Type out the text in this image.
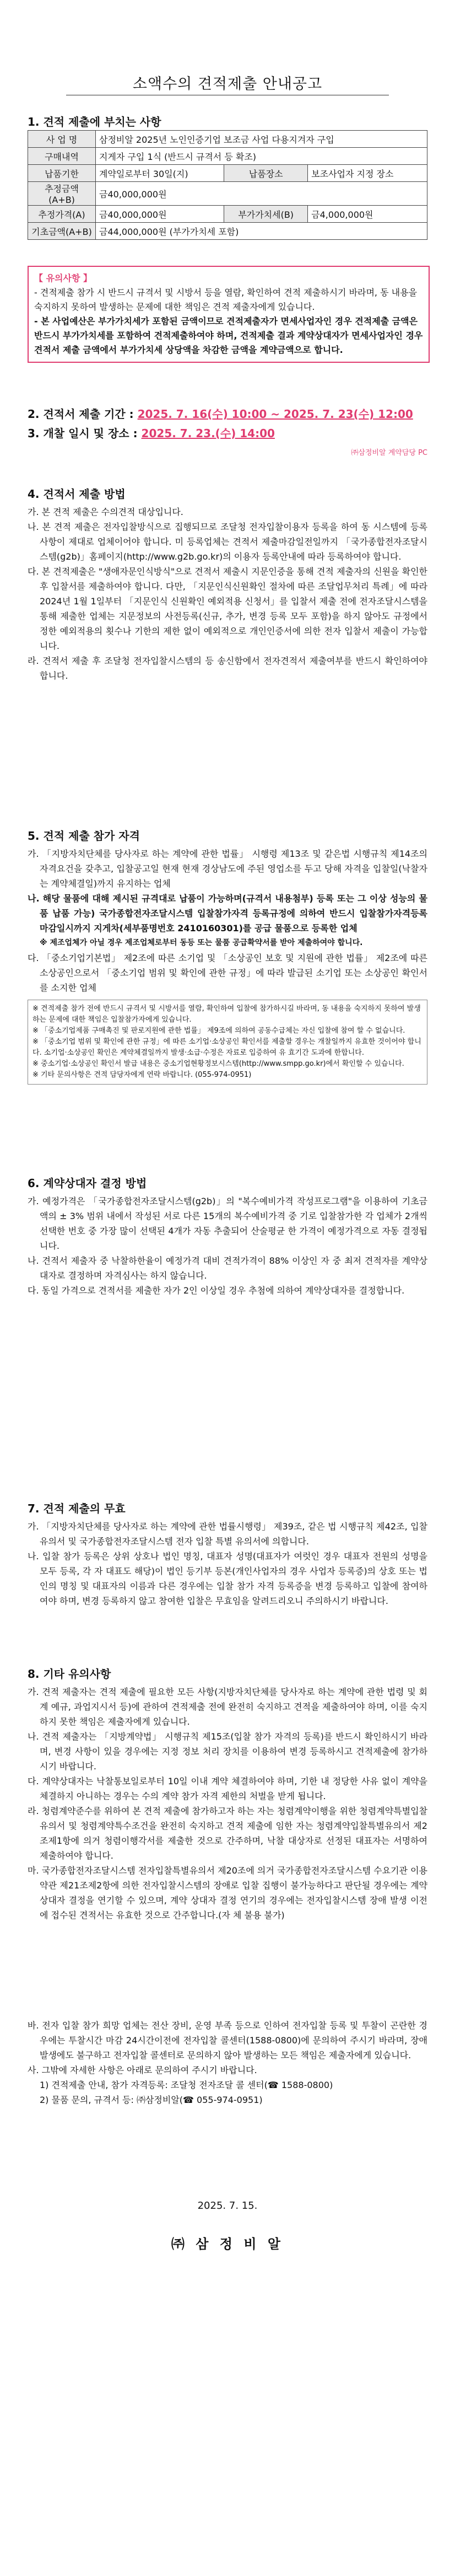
소액수의 견적제출 안내공고
1. 견적 제출에 부치는 사항
사 업 명	삼정비알 2025년 노인인증기업 보조금 사업 다용지겨자 구입		
구매내역	지게자 구입 1식 (반드시 규격서 등 확조)		
납품기한	계약일로부터 30일(지)	납품장소	보조사업자 지정 장소
추정금액 (A+B)	금40,000,000원		
추정가격(A)	금40,000,000원	부가가치세(B)	금4,000,000원
기초금액(A+B)	금44,000,000원 (부가가치세 포함)		
【 유의사항 】
- 견적제출 참가 시 반드시 규격서 및 시방서 등을 열람, 확인하여 견적 제출하시기 바라며, 동 내용을 숙지하지 못하여 발생하는 문제에 대한 책임은 견적 제출자에게 있습니다.
- 본 사업예산은 부가가치세가 포함된 금액이므로 견적제출자가 면세사업자인 경우 견적제출 금액은 반드시 부가가치세를 포함하여 견적제출하여야 하며, 견적제출 결과 계약상대자가 면세사업자인 경우 견적서 제출 금액에서 부가가치세 상당액을 차감한 금액을 계약금액으로 합니다.
2. 견적서 제출 기간 : 2025. 7. 16(수) 10:00 ~ 2025. 7. 23(수) 12:00
3. 개찰 일시 및 장소 : 2025. 7. 23.(수) 14:00
㈜삼정비알 계약담당 PC
4. 견적서 제출 방법

가. 본 견적 제출은 수의견적 대상입니다.

나. 본 견적 제출은 전자입찰방식으로 집행되므로 조달청 전자입찰이용자 등록을 하여 동 시스템에 등록사항이 제대로 업체이어야 합니다. 미 등록업체는 견적서 제출마감일전일까지 「국가종합전자조달시스템(g2b)」홈페이지(http://www.g2b.go.kr)의 이용자 등록안내에 따라 등록하여야 합니다.

다. 본 견적제출은 "생애자문인식방식"으로 견적서 제출시 지문인증을 통해 견적 제출자의 신원을 확인한 후 입찰서를 제출하여야 합니다. 다만, 「지문인식신원확인 절차에 따른 조달업무처리 특례」에 따라 2024년 1월 1일부터 「지문인식 신원확인 예외적용 신청서」를 입찰서 제출 전에 전자조달시스템을 통해 제출한 업체는 지문정보의 사전등록(신규, 추가, 변경 등록 모두 포함)을 하지 않아도 규정에서 정한 예외적용의 횟수나 기한의 제한 없이 예외적으로 개인인증서에 의한 전자 입찰서 제출이 가능합니다.

라. 견적서 제출 후 조달청 전자입찰시스템의 등 송신함에서 전자견적서 제출여부를 반드시 확인하여야 합니다.

5. 견적 제출 참가 자격

가. 「지방자치단체를 당사자로 하는 계약에 관한 법률」 시행령 제13조 및 같은법 시행규칙 제14조의 자격요건을 갖추고, 입찰공고일 현재 현재 경상남도에 주된 영업소를 두고 당해 자격을 입찰일(낙찰자는 계약체결일)까지 유지하는 업체

나. 해당 물품에 대해 제시된 규격대로 납품이 가능하며(규격서 내용첨부) 등록 또는 그 이상 성능의 물품 납품 가능) 국가종합전자조달시스템 입찰참가자격 등록규정에 의하여 반드시 입찰참가자격등록 마감일시까지 지게차(세부품명번호 2410160301)를 공급 물품으로 등록한 업체

※ 제조업체가 아닐 경우 제조업체로부터 동등 또는 물품 공급확약서를 받아 제출하여야 합니다.

다. 「중소기업기본법」 제2조에 따른 소기업 및 「소상공인 보호 및 지원에 관한 법률」 제2조에 따른 소상공인으로서 「중소기업 범위 및 확인에 관한 규정」에 따라 발급된 소기업 또는 소상공인 확인서를 소지한 업체

※ 견적제출 참가 전에 반드시 규격서 및 시방서를 열람, 확인하여 입찰에 참가하시길 바라며, 동 내용을 숙지하지 못하여 발생하는 문제에 대한 책임은 입찰참가자에게 있습니다.
※ 「중소기업제품 구매촉진 및 판로지원에 관한 법률」 제9조에 의하여 공동수급체는 자신 입찰에 참여 할 수 없습니다.
※ 「중소기업 범위 및 확인에 관한 규정」에 따른 소기업·소상공인 확인서를 제출할 경우는 개찰일까지 유효한 것이어야 합니다. 소기업·소상공인 확인은 계약체결일까지 발생·소급·수정은 자료로 입증하여 유 효기간 도과에 한합니다.
※ 중소기업·소상공인 확인서 발급 내용은 중소기업현황정보시스템(http://www.smpp.go.kr)에서 확인할 수 있습니다.
※ 기타 문의사항은 견적 담당자에게 연락 바랍니다. (055-974-0951)
6. 계약상대자 결정 방법

가. 예정가격은 「국가종합전자조달시스템(g2b)」의 "복수예비가격 작성프로그램"을 이용하여 기초금액의 ± 3% 범위 내에서 작성된 서로 다른 15개의 복수예비가격 중 기로 입찰참가한 각 업체가 2개씩 선택한 번호 중 가장 많이 선택된 4개가 자동 추출되어 산술평균 한 가격이 예정가격으로 자동 결정됩니다.

나. 견적서 제출자 중 낙찰하한율이 예정가격 대비 견적가격이 88% 이상인 자 중 최저 견적자를 계약상대자로 결정하며 자격심사는 하지 않습니다.

다. 동일 가격으로 견적서를 제출한 자가 2인 이상일 경우 추첨에 의하여 계약상대자를 결정합니다.

7. 견적 제출의 무효

가. 「지방자치단체를 당사자로 하는 계약에 관한 법률시행령」 제39조, 같은 법 시행규칙 제42조, 입찰유의서 및 국가종합전자조달시스템 전자 입찰 특별 유의서에 의합니다.

나. 입찰 참가 등록은 상위 상호나 법인 명칭, 대표자 성명(대표자가 여럿인 경우 대표자 전원의 성명을 모두 등록, 각 자 대표도 해당)이 법인 등기부 등본(개인사업자의 경우 사업자 등록증)의 상호 또는 법인의 명칭 및 대표자의 이름과 다른 경우에는 입찰 참가 자격 등록증을 변경 등록하고 입찰에 참여하여야 하며, 변경 등록하지 않고 참여한 입찰은 무효임을 알려드리오니 주의하시기 바랍니다.

8. 기타 유의사항

가. 견적 제출자는 견적 제출에 필요한 모든 사항(지방자치단체를 당사자로 하는 계약에 관한 법령 및 회계 예규, 과업지시서 등)에 관하여 견적제출 전에 완전히 숙지하고 견적을 제출하여야 하며, 이를 숙지하지 못한 책임은 제출자에게 있습니다.

나. 견적 제출자는 「지방계약법」 시행규칙 제15조(입찰 참가 자격의 등록)를 반드시 확인하시기 바라며, 변경 사항이 있을 경우에는 지정 정보 처리 장치를 이용하여 변경 등록하시고 견적제출에 참가하시기 바랍니다.

다. 계약상대자는 낙찰통보일로부터 10일 이내 계약 체결하여야 하며, 기한 내 정당한 사유 없이 계약을 체결하지 아니하는 경우는 수의 계약 참가 자격 제한의 처벌을 받게 됩니다.

라. 청렴계약준수를 위하여 본 견적 제출에 참가하고자 하는 자는 청렴계약이행을 위한 청렴계약특별입찰유의서 및 청렴계약특수조건을 완전히 숙지하고 견적 제출에 임한 자는 청렴계약입찰특별유의서 제2조제1항에 의거 청렴이행각서를 제출한 것으로 간주하며, 낙찰 대상자로 선정된 대표자는 서명하여 제출하여야 합니다.

마. 국가종합전자조달시스템 전자입찰특별유의서 제20조에 의거 국가종합전자조달시스템 수요기관 이용약관 제21조제2항에 의한 전자입찰시스템의 장애로 입찰 집행이 불가능하다고 판단될 경우에는 계약상대자 결정을 연기할 수 있으며, 계약 상대자 결정 연기의 경우에는 전자입찰시스템 장애 발생 이전에 접수된 견적서는 유효한 것으로 간주합니다.(자 체 불용 불가)

바. 전자 입찰 참가 희망 업체는 전산 장비, 운영 부족 등으로 인하여 전자입찰 등록 및 투찰이 곤란한 경우에는 투찰시간 마감 24시간이전에 전자입찰 콜센터(1588-0800)에 문의하여 주시기 바라며, 장애 발생에도 불구하고 전자입찰 콜센터로 문의하지 않아 발생하는 모든 책임은 제출자에게 있습니다.

사. 그밖에 자세한 사항은 아래로 문의하여 주시기 바랍니다.

1) 견적제출 안내, 참가 자격등록: 조달청 전자조달 콜 센터(☎ 1588-0800)

2) 물품 문의, 규격서 등: ㈜삼정비알(☎ 055-974-0951)

2025. 7. 15.
㈜ 삼 정 비 알
